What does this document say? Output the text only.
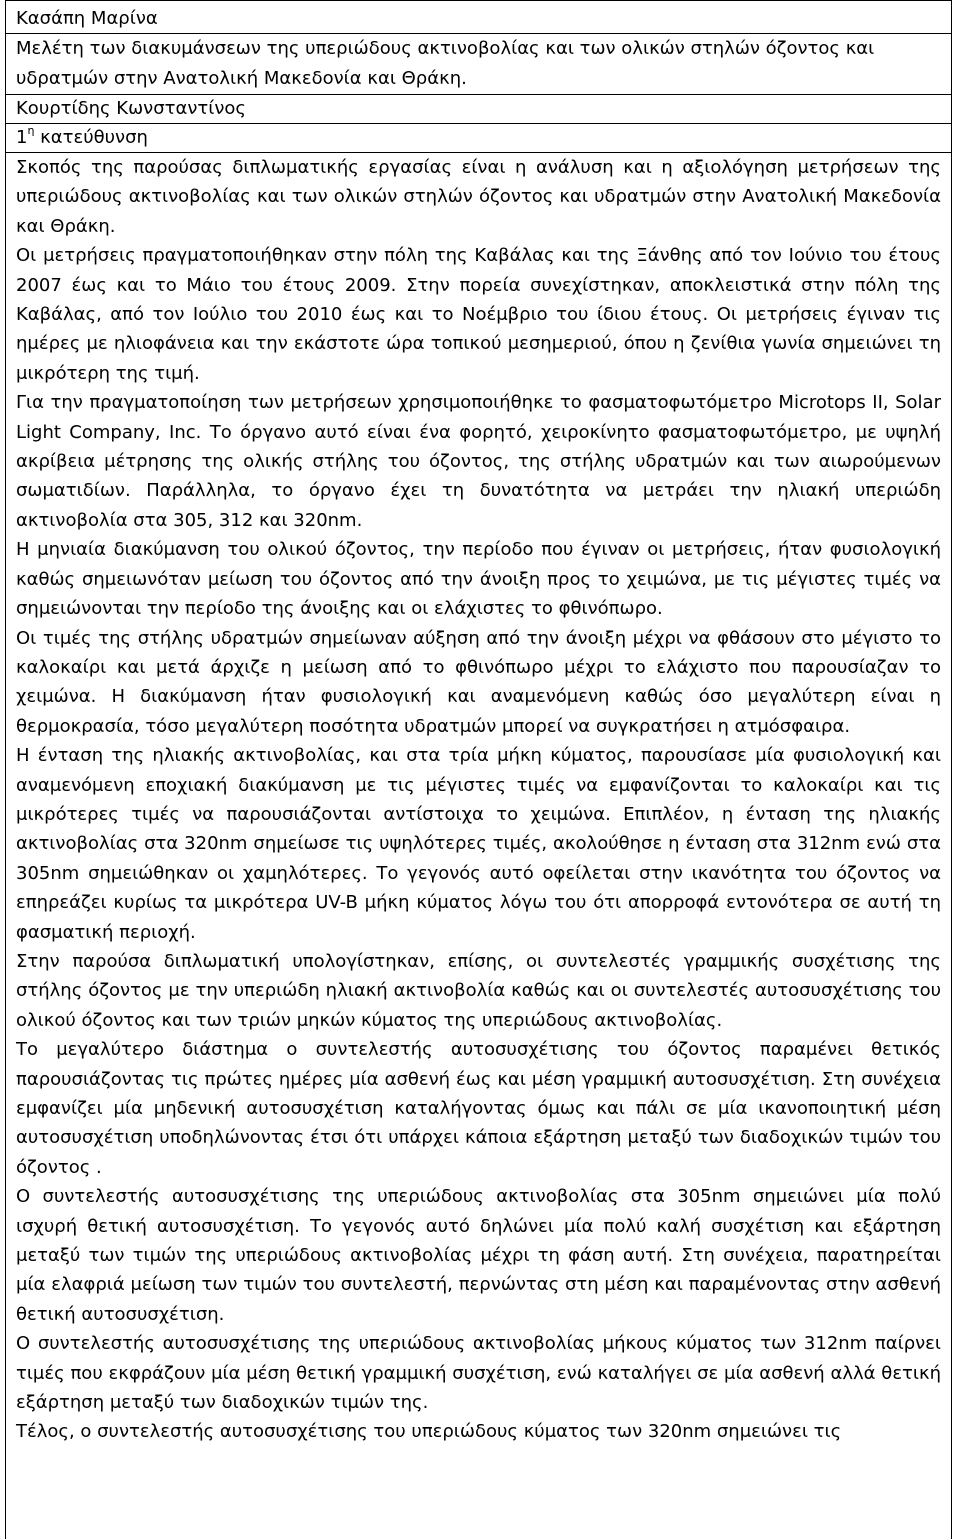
Κασάπη Μαρίνα

Μελέτη των διακυμάνσεων της υπεριώδους ακτινοβολίας και των ολικών στηλών όζοντος και υδρατμών στην Ανατολική Μακεδονία και Θράκη.

Κουρτίδης Κωνσταντίνος
$1^\eta$ κατεύθυνση

Σκοπός της παρούσας διπλωματικής εργασίας είναι η ανάλυση και η αξιολόγηση μετρήσεων της υπεριώδους ακτινοβολίας και των ολικών στηλών όζοντος και υδρατμών στην Ανατολική Μακεδονία και Θράκη.

Οι μετρήσεις πραγματοποιήθηκαν στην πόλη της Καβάλας και της Ξάνθης από τον Ιούνιο του έτους 2007 έως και το Μάιο του έτους 2009. Στην πορεία συνεχίστηκαν, αποκλειστικά στην πόλη της Καβάλας, από τον Ιούλιο του 2010 έως και το Νοέμβριο του ίδιου έτους. Οι μετρήσεις έγιναν τις ημέρες με ηλιοφάνεια και την εκάστοτε ώρα τοπικού μεσημεριού, όπου η ζενίθια γωνία σημειώνει τη μικρότερη της τιμή.

Για την πραγματοποίηση των μετρήσεων χρησιμοποιήθηκε το φασματοφωτόμετρο Microtops II, Solar Light Company, Inc. Το όργανο αυτό είναι ένα φορητό, χειροκίνητο φασματοφωτόμετρο, με υψηλή ακρίβεια μέτρησης της ολικής στήλης του όζοντος, της στήλης υδρατμών και των αιωρούμενων σωματιδίων. Παράλληλα, το όργανο έχει τη δυνατότητα να μετράει την ηλιακή υπεριώδη ακτινοβολία στα 305, 312 και 320nm.

Η μηνιαία διακύμανση του ολικού όζοντος, την περίοδο που έγιναν οι μετρήσεις, ήταν φυσιολογική καθώς σημειωνόταν μείωση του όζοντος από την άνοιξη προς το χειμώνα, με τις μέγιστες τιμές να σημειώνονται την περίοδο της άνοιξης και οι ελάχιστες το φθινόπωρο.

Οι τιμές της στήλης υδρατμών σημείωναν αύξηση από την άνοιξη μέχρι να φθάσουν στο μέγιστο το καλοκαίρι και μετά άρχιζε η μείωση από το φθινόπωρο μέχρι το ελάχιστο που παρουσίαζαν το χειμώνα. Η διακύμανση ήταν φυσιολογική και αναμενόμενη καθώς όσο μεγαλύτερη είναι η θερμοκρασία, τόσο μεγαλύτερη ποσότητα υδρατμών μπορεί να συγκρατήσει η ατμόσφαιρα.

Η ένταση της ηλιακής ακτινοβολίας, και στα τρία μήκη κύματος, παρουσίασε μία φυσιολογική και αναμενόμενη εποχιακή διακύμανση με τις μέγιστες τιμές να εμφανίζονται το καλοκαίρι και τις μικρότερες τιμές να παρουσιάζονται αντίστοιχα το χειμώνα. Επιπλέον, η ένταση της ηλιακής ακτινοβολίας στα 320nm σημείωσε τις υψηλότερες τιμές, ακολούθησε η ένταση στα 312nm ενώ στα 305nm σημειώθηκαν οι χαμηλότερες. Το γεγονός αυτό οφείλεται στην ικανότητα του όζοντος να επηρεάζει κυρίως τα μικρότερα UV-B μήκη κύματος λόγω του ότι απορροφά εντονότερα σε αυτή τη φασματική περιοχή.

Στην παρούσα διπλωματική υπολογίστηκαν, επίσης, οι συντελεστές γραμμικής συσχέτισης της στήλης όζοντος με την υπεριώδη ηλιακή ακτινοβολία καθώς και οι συντελεστές αυτοσυσχέτισης του ολικού όζοντος και των τριών μηκών κύματος της υπεριώδους ακτινοβολίας.

Το μεγαλύτερο διάστημα ο συντελεστής αυτοσυσχέτισης του όζοντος παραμένει θετικός παρουσιάζοντας τις πρώτες ημέρες μία ασθενή έως και μέση γραμμική αυτοσυσχέτιση. Στη συνέχεια εμφανίζει μία μηδενική αυτοσυσχέτιση καταλήγοντας όμως και πάλι σε μία ικανοποιητική μέση αυτοσυσχέτιση υποδηλώνοντας έτσι ότι υπάρχει κάποια εξάρτηση μεταξύ των διαδοχικών τιμών του όζοντος .

Ο συντελεστής αυτοσυσχέτισης της υπεριώδους ακτινοβολίας στα 305nm σημειώνει μία πολύ ισχυρή θετική αυτοσυσχέτιση. Το γεγονός αυτό δηλώνει μία πολύ καλή συσχέτιση και εξάρτηση μεταξύ των τιμών της υπεριώδους ακτινοβολίας μέχρι τη φάση αυτή. Στη συνέχεια, παρατηρείται μία ελαφριά μείωση των τιμών του συντελεστή, περνώντας στη μέση και παραμένοντας στην ασθενή θετική αυτοσυσχέτιση.

Ο συντελεστής αυτοσυσχέτισης της υπεριώδους ακτινοβολίας μήκους κύματος των 312nm παίρνει τιμές που εκφράζουν μία μέση θετική γραμμική συσχέτιση, ενώ καταλήγει σε μία ασθενή αλλά θετική εξάρτηση μεταξύ των διαδοχικών τιμών της.

Τέλος, ο συντελεστής αυτοσυσχέτισης του υπεριώδους κύματος των 320nm σημειώνει τις
